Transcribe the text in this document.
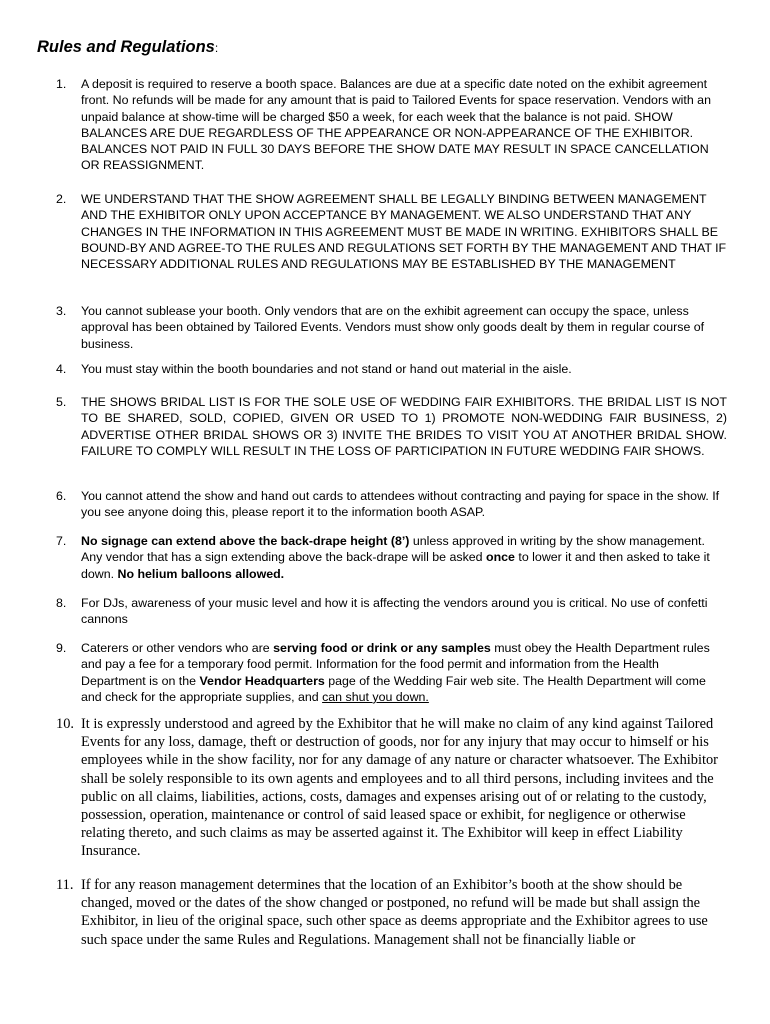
Rules and Regulations:
1.	A deposit is required to reserve a booth space. Balances are due at a specific date noted on the exhibit agreement front. No refunds will be made for any amount that is paid to Tailored Events for space reservation. Vendors with an unpaid balance at show-time will be charged $50 a week, for each week that the balance is not paid. SHOW BALANCES ARE DUE REGARDLESS OF THE APPEARANCE OR NON-APPEARANCE OF THE EXHIBITOR. BALANCES NOT PAID IN FULL 30 DAYS BEFORE THE SHOW DATE MAY RESULT IN SPACE CANCELLATION OR REASSIGNMENT.
2.	WE UNDERSTAND THAT THE SHOW AGREEMENT SHALL BE LEGALLY BINDING BETWEEN MANAGEMENT AND THE EXHIBITOR ONLY UPON ACCEPTANCE BY MANAGEMENT. WE ALSO UNDERSTAND THAT ANY CHANGES IN THE INFORMATION IN THIS AGREEMENT MUST BE MADE IN WRITING. EXHIBITORS SHALL BE BOUND-BY AND AGREE-TO THE RULES AND REGULATIONS SET FORTH BY THE MANAGEMENT AND THAT IF NECESSARY ADDITIONAL RULES AND REGULATIONS MAY BE ESTABLISHED BY THE MANAGEMENT
3.	You cannot sublease your booth. Only vendors that are on the exhibit agreement can occupy the space, unless approval has been obtained by Tailored Events. Vendors must show only goods dealt by them in regular course of business.
4.	You must stay within the booth boundaries and not stand or hand out material in the aisle.
5.	THE SHOWS BRIDAL LIST IS FOR THE SOLE USE OF WEDDING FAIR EXHIBITORS. THE BRIDAL LIST IS NOT TO BE SHARED, SOLD, COPIED, GIVEN OR USED TO 1) PROMOTE NON-WEDDING FAIR BUSINESS, 2) ADVERTISE OTHER BRIDAL SHOWS OR 3) INVITE THE BRIDES TO VISIT YOU AT ANOTHER BRIDAL SHOW. FAILURE TO COMPLY WILL RESULT IN THE LOSS OF PARTICIPATION IN FUTURE WEDDING FAIR SHOWS.
6.	You cannot attend the show and hand out cards to attendees without contracting and paying for space in the show. If you see anyone doing this, please report it to the information booth ASAP.
7.	No signage can extend above the back-drape height (8’) unless approved in writing by the show management. Any vendor that has a sign extending above the back-drape will be asked once to lower it and then asked to take it down. No helium balloons allowed.
8.	For DJs, awareness of your music level and how it is affecting the vendors around you is critical. No use of confetti cannons
9.	Caterers or other vendors who are serving food or drink or any samples must obey the Health Department rules and pay a fee for a temporary food permit. Information for the food permit and information from the Health Department is on the Vendor Headquarters page of the Wedding Fair web site. The Health Department will come and check for the appropriate supplies, and can shut you down.
10. It is expressly understood and agreed by the Exhibitor that he will make no claim of any kind against Tailored Events for any loss, damage, theft or destruction of goods, nor for any injury that may occur to himself or his employees while in the show facility, nor for any damage of any nature or character whatsoever. The Exhibitor shall be solely responsible to its own agents and employees and to all third persons, including invitees and the public on all claims, liabilities, actions, costs, damages and expenses arising out of or relating to the custody, possession, operation, maintenance or control of said leased space or exhibit, for negligence or otherwise relating thereto, and such claims as may be asserted against it. The Exhibitor will keep in effect Liability Insurance.
11. If for any reason management determines that the location of an Exhibitor’s booth at the show should be changed, moved or the dates of the show changed or postponed, no refund will be made but shall assign the Exhibitor, in lieu of the original space, such other space as deems appropriate and the Exhibitor agrees to use such space under the same Rules and Regulations. Management shall not be financially liable or
